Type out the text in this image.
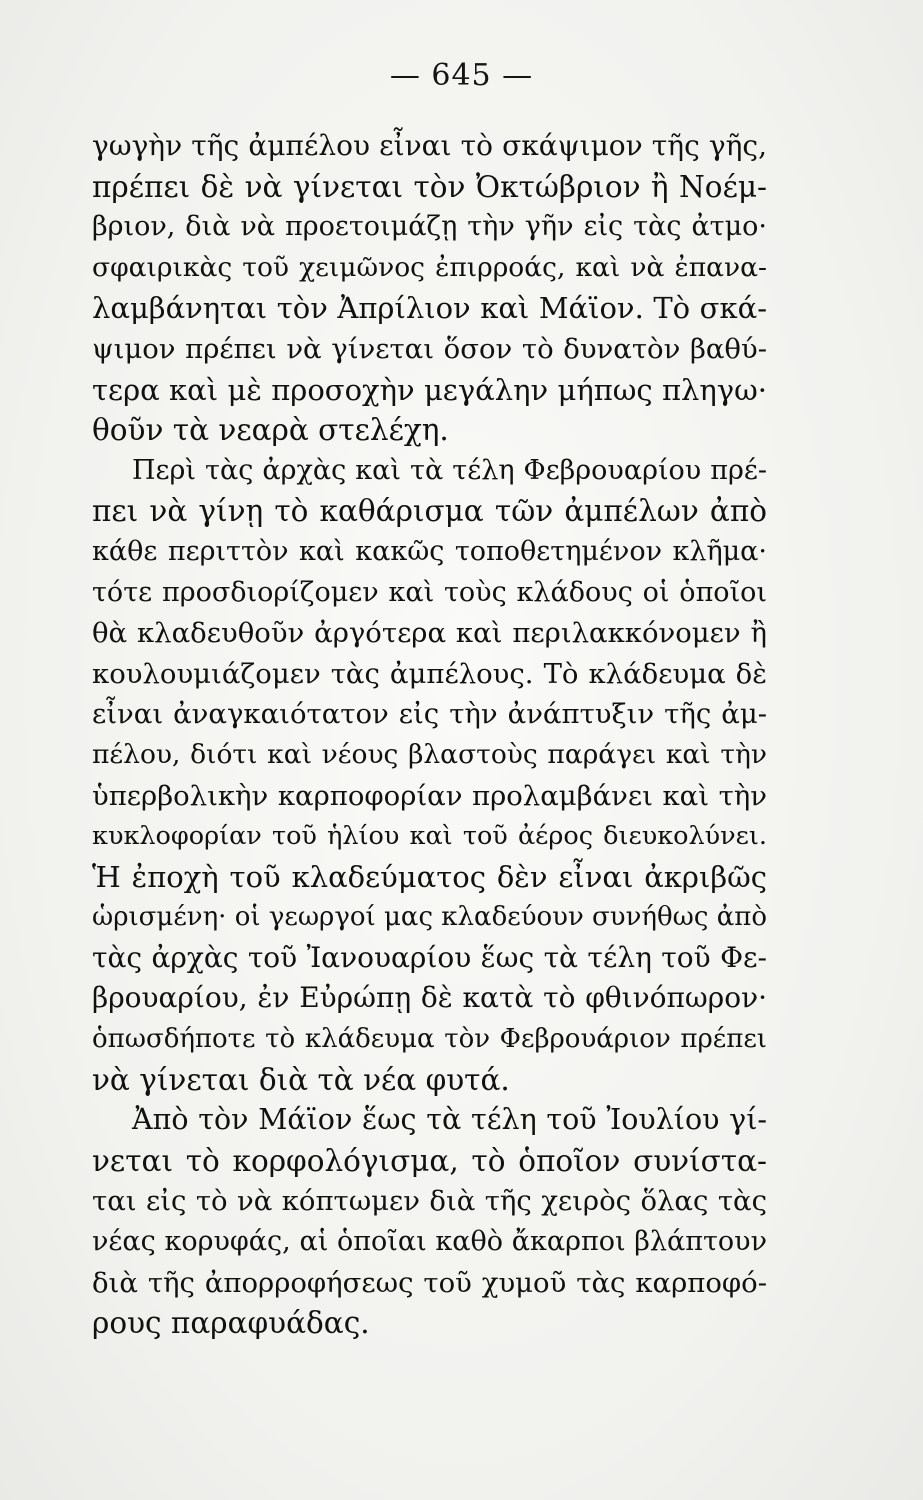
— 645 —
γωγὴν τῆς ἀμπέλου εἶναι τὸ σκάψιμον τῆς γῆς,
πρέπει δὲ νὰ γίνεται τὸν Ὀκτώβριον ἢ Νοέμ-
βριον, διὰ νὰ προετοιμάζῃ τὴν γῆν εἰς τὰς ἀτμο·
σφαιρικὰς τοῦ χειμῶνος ἐπιρροάς, καὶ νὰ ἐπανα-
λαμβάνηται τὸν Ἀπρίλιον καὶ Μάϊον. Τὸ σκά-
ψιμον πρέπει νὰ γίνεται ὅσον τὸ δυνατὸν βαθύ-
τερα καὶ μὲ προσοχὴν μεγάλην μήπως πληγω·
θοῦν τὰ νεαρὰ στελέχη.
Περὶ τὰς ἀρχὰς καὶ τὰ τέλη Φεβρουαρίου πρέ-
πει νὰ γίνῃ τὸ καθάρισμα τῶν ἀμπέλων ἀπὸ
κάθε περιττὸν καὶ κακῶς τοποθετημένον κλῆμα·
τότε προσδιορίζομεν καὶ τοὺς κλάδους οἱ ὁποῖοι
θὰ κλαδευθοῦν ἀργότερα καὶ περιλακκόνομεν ἢ
κουλουμιάζομεν τὰς ἀμπέλους. Τὸ κλάδευμα δὲ
εἶναι ἀναγκαιότατον εἰς τὴν ἀνάπτυξιν τῆς ἀμ-
πέλου, διότι καὶ νέους βλαστοὺς παράγει καὶ τὴν
ὑπερβολικὴν καρποφορίαν προλαμβάνει καὶ τὴν
κυκλοφορίαν τοῦ ἡλίου καὶ τοῦ ἀέρος διευκολύνει.
Ἡ ἐποχὴ τοῦ κλαδεύματος δὲν εἶναι ἀκριβῶς
ὡρισμένη· οἱ γεωργοί μας κλαδεύουν συνήθως ἀπὸ
τὰς ἀρχὰς τοῦ Ἰανουαρίου ἕως τὰ τέλη τοῦ Φε-
βρουαρίου, ἐν Εὐρώπῃ δὲ κατὰ τὸ φθινόπωρον·
ὁπωσδήποτε τὸ κλάδευμα τὸν Φεβρουάριον πρέπει
νὰ γίνεται διὰ τὰ νέα φυτά.
Ἀπὸ τὸν Μάϊον ἕως τὰ τέλη τοῦ Ἰουλίου γί-
νεται τὸ κορφολόγισμα, τὸ ὁποῖον συνίστα-
ται εἰς τὸ νὰ κόπτωμεν διὰ τῆς χειρὸς ὅλας τὰς
νέας κορυφάς, αἱ ὁποῖαι καθὸ ἄκαρποι βλάπτουν
διὰ τῆς ἀπορροφήσεως τοῦ χυμοῦ τὰς καρποφό-
ρους παραφυάδας.
